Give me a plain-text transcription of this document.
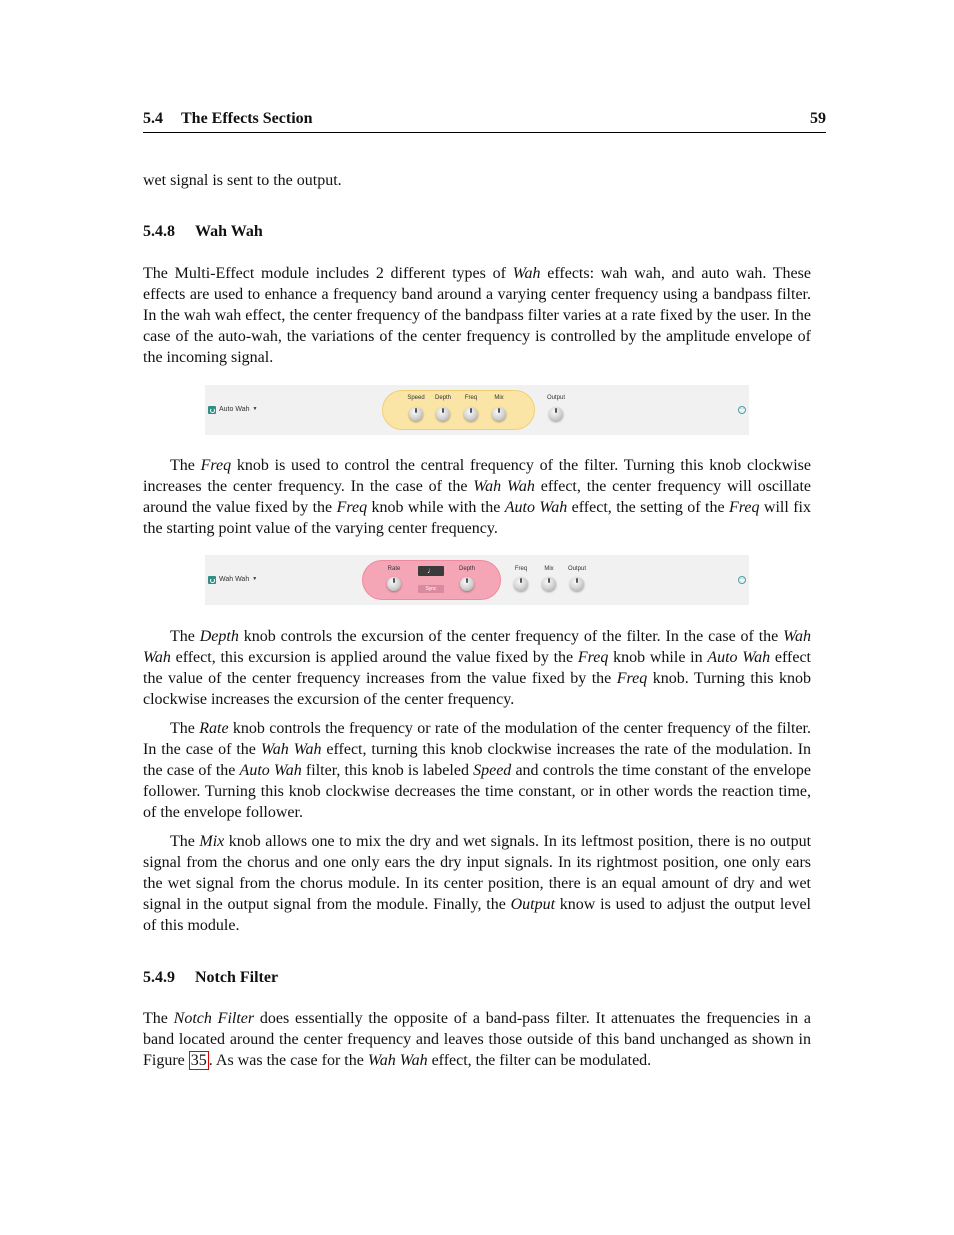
5.4 The Effects Section	59
wet signal is sent to the output.
5.4.8 Wah Wah
The Multi-Effect module includes 2 different types of Wah effects: wah wah, and auto wah. These effects are used to enhance a frequency band around a varying center frequency using a bandpass filter. In the wah wah effect, the center frequency of the bandpass filter varies at a rate fixed by the user. In the case of the auto-wah, the variations of the center frequency is controlled by the amplitude envelope of the incoming signal.
Auto Wah ▼
Speed Depth Freq	Mix	Output
···
The Freq knob is used to control the central frequency of the filter. Turning this knob clockwise increases the center frequency. In the case of the Wah Wah effect, the center frequency will oscillate around the value fixed by the Freq knob while with the Auto Wah effect, the setting of the Freq will fix the starting point value of the varying center frequency.
Wah Wah ▼
Rate	♩
Sync
Depth	Freq	Mix Output
···
The Depth knob controls the excursion of the center frequency of the filter. In the case of the Wah Wah effect, this excursion is applied around the value fixed by the Freq knob while in Auto Wah effect the value of the center frequency increases from the value fixed by the Freq knob. Turning this knob clockwise increases the excursion of the center frequency.
The Rate knob controls the frequency or rate of the modulation of the center frequency of the filter. In the case of the Wah Wah effect, turning this knob clockwise increases the rate of the modulation. In the case of the Auto Wah filter, this knob is labeled Speed and controls the time constant of the envelope follower. Turning this knob clockwise decreases the time constant, or in other words the reaction time, of the envelope follower.
The Mix knob allows one to mix the dry and wet signals. In its leftmost position, there is no output signal from the chorus and one only ears the dry input signals. In its rightmost position, one only ears the wet signal from the chorus module. In its center position, there is an equal amount of dry and wet signal in the output signal from the module. Finally, the Output know is used to adjust the output level of this module.
5.4.9 Notch Filter
The Notch Filter does essentially the opposite of a band-pass filter. It attenuates the frequencies in a band located around the center frequency and leaves those outside of this band unchanged as shown in Figure 35 . As was the case for the Wah Wah effect, the filter can be modulated.
